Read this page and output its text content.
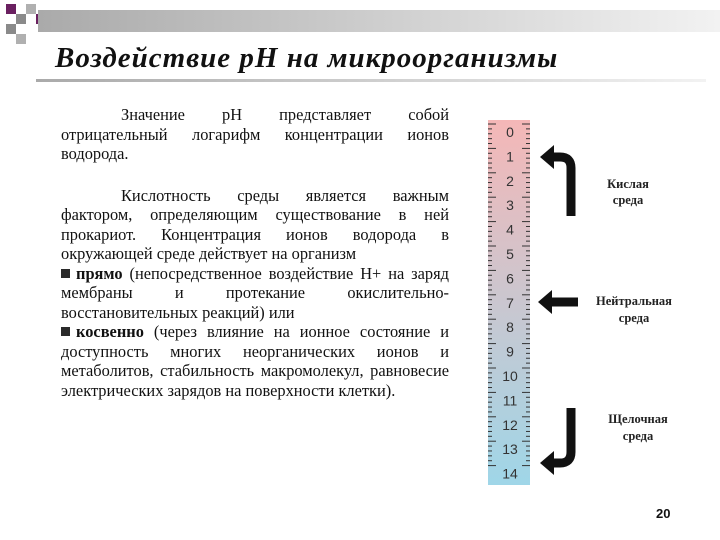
Воздействие pH на микроорганизмы

Значение pH представляет собой отрицательный логарифм концентрации ионов водорода.

Кислотность среды является важным фактором, определяющим существование в ней прокариот. Концентрация ионов водорода в окружающей среде действует на организм

прямо (непосредственное воздействие H+ на заряд мембраны и протекание окислительно-восстановительных реакций) или

косвенно (через влияние на ионное состояние и доступность многих неорганических ионов и метаболитов, стабильность макромолекул, равновесие электрических зарядов на поверхности клетки).

0
1
2
3
4
5
6
7
8
9
10
11
12
13
14
Кислая
среда
Нейтральная
среда
Щелочная
среда
20
